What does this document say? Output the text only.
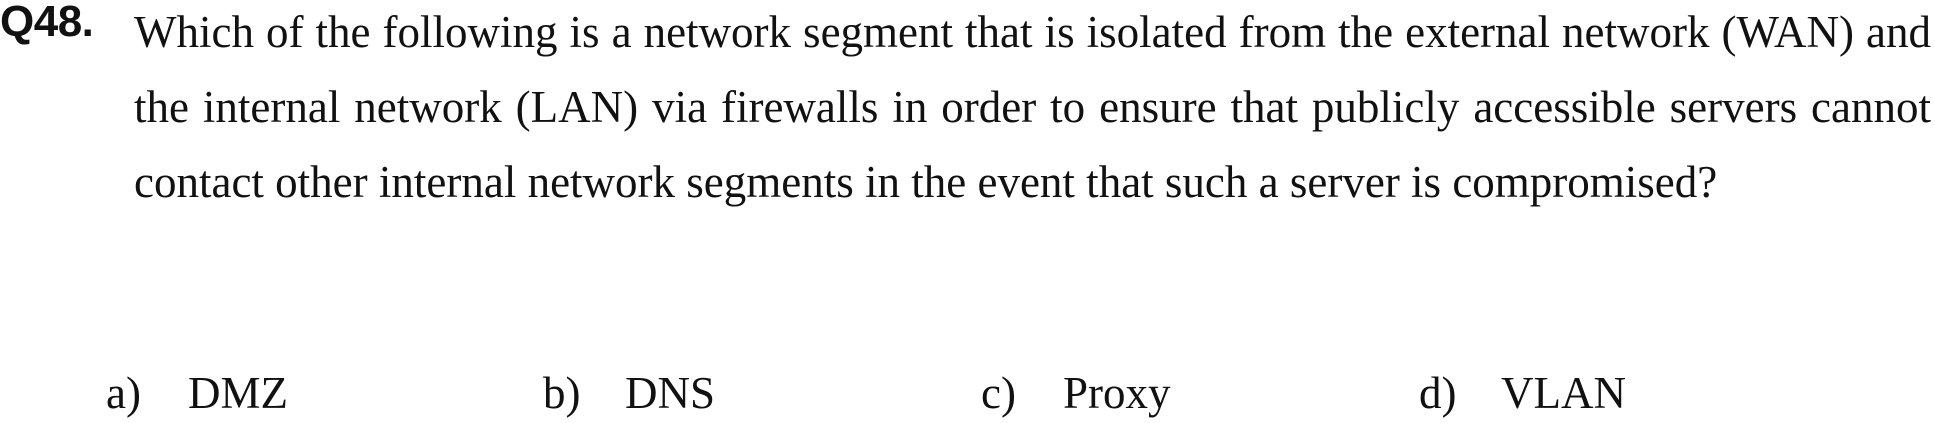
Q48. Which of the following is a network segment that is isolated from the external network (WAN) and the internal network (LAN) via firewalls in order to ensure that publicly accessible servers cannot contact other internal network segments in the event that such a server is compromised?
a) DMZ	b) DNS	c) Proxy	d) VLAN
